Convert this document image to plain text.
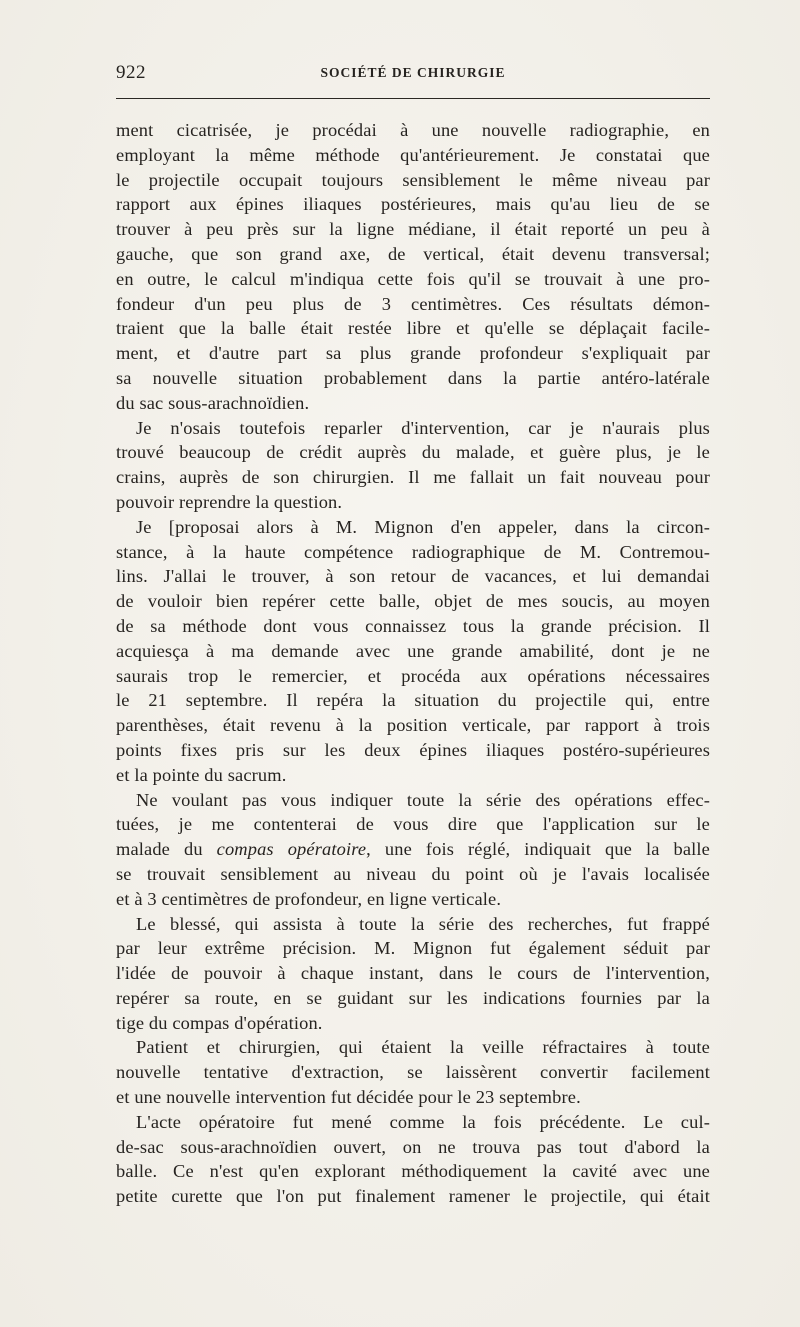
922	SOCIÉTÉ DE CHIRURGIE

ment cicatrisée, je procédai à une nouvelle radiographie, en
employant la même méthode qu'antérieurement. Je constatai que
le projectile occupait toujours sensiblement le même niveau par
rapport aux épines iliaques postérieures, mais qu'au lieu de se
trouver à peu près sur la ligne médiane, il était reporté un peu à
gauche, que son grand axe, de vertical, était devenu transversal;
en outre, le calcul m'indiqua cette fois qu'il se trouvait à une pro-
fondeur d'un peu plus de 3 centimètres. Ces résultats démon-
traient que la balle était restée libre et qu'elle se déplaçait facile-
ment, et d'autre part sa plus grande profondeur s'expliquait par
sa nouvelle situation probablement dans la partie antéro-latérale
du sac sous-arachnoïdien.

Je n'osais toutefois reparler d'intervention, car je n'aurais plus
trouvé beaucoup de crédit auprès du malade, et guère plus, je le
crains, auprès de son chirurgien. Il me fallait un fait nouveau pour
pouvoir reprendre la question.

Je [proposai alors à M. Mignon d'en appeler, dans la circon-
stance, à la haute compétence radiographique de M. Contremou-
lins. J'allai le trouver, à son retour de vacances, et lui demandai
de vouloir bien repérer cette balle, objet de mes soucis, au moyen
de sa méthode dont vous connaissez tous la grande précision. Il
acquiesça à ma demande avec une grande amabilité, dont je ne
saurais trop le remercier, et procéda aux opérations nécessaires
le 21 septembre. Il repéra la situation du projectile qui, entre
parenthèses, était revenu à la position verticale, par rapport à trois
points fixes pris sur les deux épines iliaques postéro-supérieures
et la pointe du sacrum.

Ne voulant pas vous indiquer toute la série des opérations effec-
tuées, je me contenterai de vous dire que l'application sur le
malade du compas opératoire, une fois réglé, indiquait que la balle
se trouvait sensiblement au niveau du point où je l'avais localisée
et à 3 centimètres de profondeur, en ligne verticale.

Le blessé, qui assista à toute la série des recherches, fut frappé
par leur extrême précision. M. Mignon fut également séduit par
l'idée de pouvoir à chaque instant, dans le cours de l'intervention,
repérer sa route, en se guidant sur les indications fournies par la
tige du compas d'opération.

Patient et chirurgien, qui étaient la veille réfractaires à toute
nouvelle tentative d'extraction, se laissèrent convertir facilement
et une nouvelle intervention fut décidée pour le 23 septembre.

L'acte opératoire fut mené comme la fois précédente. Le cul-
de-sac sous-arachnoïdien ouvert, on ne trouva pas tout d'abord la
balle. Ce n'est qu'en explorant méthodiquement la cavité avec une
petite curette que l'on put finalement ramener le projectile, qui était
